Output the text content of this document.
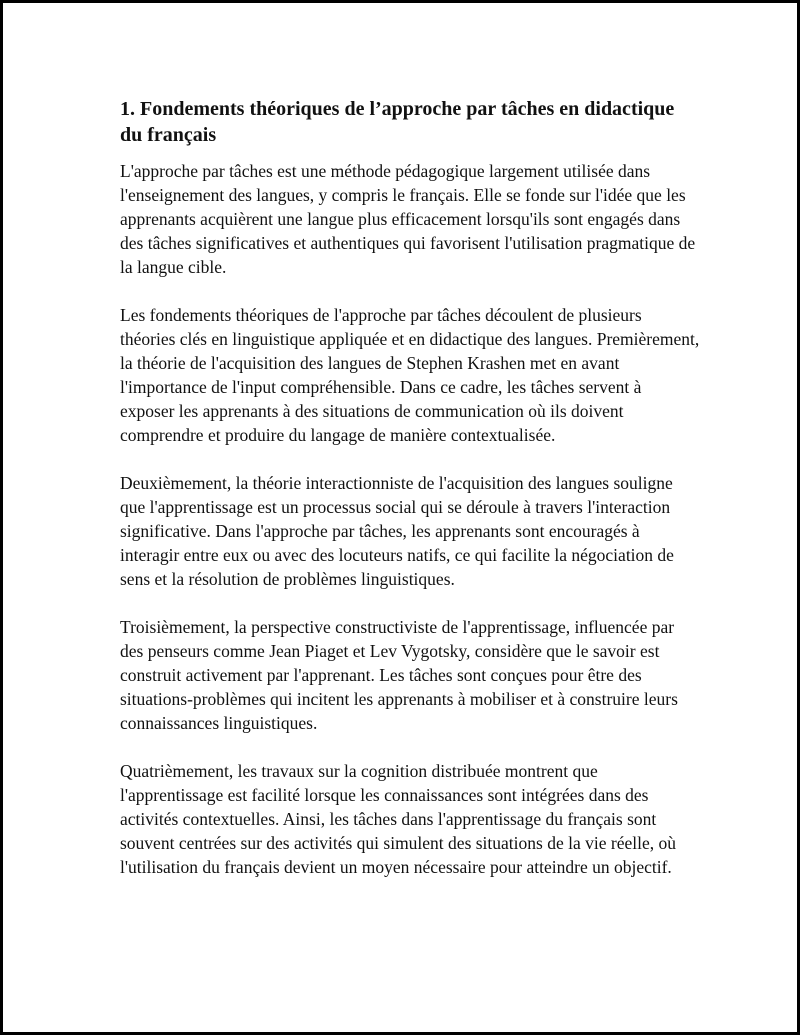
1. Fondements théoriques de l’approche par tâches en didactique du français

L'approche par tâches est une méthode pédagogique largement utilisée dans l'enseignement des langues, y compris le français. Elle se fonde sur l'idée que les apprenants acquièrent une langue plus efficacement lorsqu'ils sont engagés dans des tâches significatives et authentiques qui favorisent l'utilisation pragmatique de la langue cible.

Les fondements théoriques de l'approche par tâches découlent de plusieurs théories clés en linguistique appliquée et en didactique des langues. Premièrement, la théorie de l'acquisition des langues de Stephen Krashen met en avant l'importance de l'input compréhensible. Dans ce cadre, les tâches servent à exposer les apprenants à des situations de communication où ils doivent comprendre et produire du langage de manière contextualisée.

Deuxièmement, la théorie interactionniste de l'acquisition des langues souligne que l'apprentissage est un processus social qui se déroule à travers l'interaction significative. Dans l'approche par tâches, les apprenants sont encouragés à interagir entre eux ou avec des locuteurs natifs, ce qui facilite la négociation de sens et la résolution de problèmes linguistiques.

Troisièmement, la perspective constructiviste de l'apprentissage, influencée par des penseurs comme Jean Piaget et Lev Vygotsky, considère que le savoir est construit activement par l'apprenant. Les tâches sont conçues pour être des situations-problèmes qui incitent les apprenants à mobiliser et à construire leurs connaissances linguistiques.

Quatrièmement, les travaux sur la cognition distribuée montrent que l'apprentissage est facilité lorsque les connaissances sont intégrées dans des activités contextuelles. Ainsi, les tâches dans l'apprentissage du français sont souvent centrées sur des activités qui simulent des situations de la vie réelle, où l'utilisation du français devient un moyen nécessaire pour atteindre un objectif.
